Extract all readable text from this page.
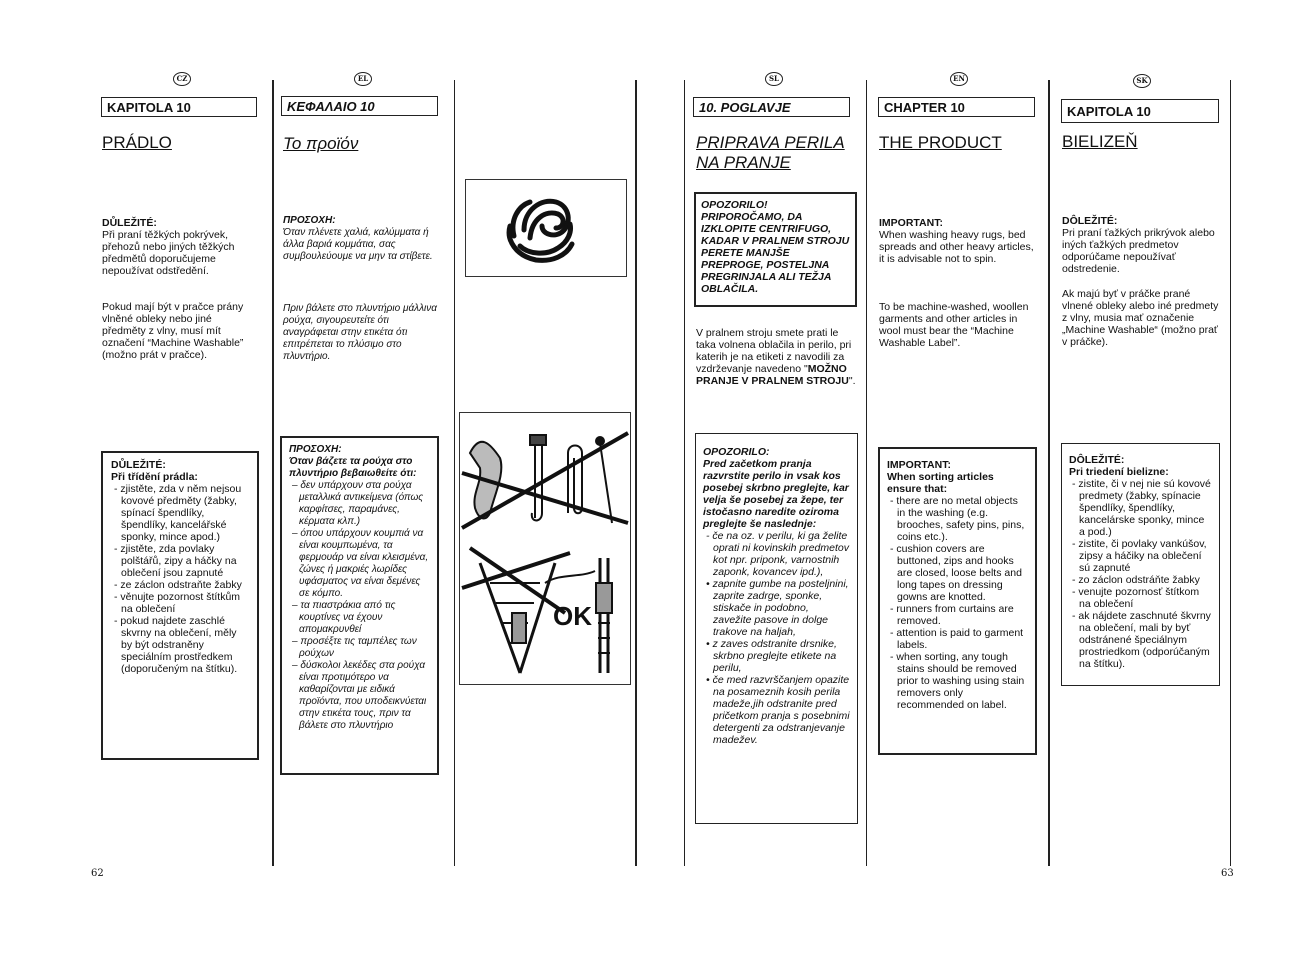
CZ
KAPITOLA 10
PRÁDLO
DŮLEŽITÉ:
Při praní těžkých pokrývek, přehozů nebo jiných těžkých předmětů doporučujeme nepoužívat odstředění.
Pokud mají být v pračce prány vlněné obleky nebo jiné předměty z vlny, musí mít označení “Machine Washable” (možno prát v pračce).
DŮLEŽITÉ:
Při třídění prádla:
- zjistěte, zda v něm nejsou kovové předměty (žabky, spínací špendlíky, špendlíky, kancelářské sponky, mince apod.)
- zjistěte, zda povlaky polštářů, zipy a háčky na oblečení jsou zapnuté
- ze záclon odstraňte žabky
- věnujte pozornost štítkům na oblečení
- pokud najdete zaschlé skvrny na oblečení, měly by být odstraněny speciálním prostředkem (doporučeným na štítku).
EL
ΚΕΦΑΛΑΙΟ 10
Το προϊόν
ΠΡΟΣΟΧΗ:
Όταν πλένετε χαλιά, καλύμματα ή άλλα βαριά κομμάτια, σας συμβουλεύουμε να μην τα στίβετε.
Πριν βάλετε στο πλυντήριο μάλλινα ρούχα, σιγουρευτείτε ότι αναγράφεται στην ετικέτα ότι επιτρέπεται το πλύσιμο στο πλυντήριο.
ΠΡΟΣΟΧΗ:
Όταν βάζετε τα ρούχα στο πλυντήριο βεβαιωθείτε ότι:
– δεν υπάρχουν στα ρούχα μεταλλικά αντικείμενα (όπως καρφίτσες, παραμάνες, κέρματα κλπ.)
– όπου υπάρχουν κουμπιά να είναι κουμπωμένα, τα φερμουάρ να είναι κλεισμένα, ζώνες ή μακριές λωρίδες υφάσματος να είναι δεμένες σε κόμπο.
– τα πιαστράκια από τις κουρτίνες να έχουν απομακρυνθεί
– προσέξτε τις ταμπέλες των ρούχων
– δύσκολοι λεκέδες στα ρούχα είναι προτιμότερο να καθαρίζονται με ειδικά προϊόντα, που υποδεικνύεται στην ετικέτα τους, πριν τα βάλετε στο πλυντήριο
OK
SL
10. POGLAVJE
PRIPRAVA PERILA
NA PRANJE
OPOZORILO! PRIPOROČAMO, DA IZKLOPITE CENTRIFUGO, KADAR V PRALNEM STROJU PERETE MANJŠE PREPROGE, POSTELJNA PREGRINJALA ALI TEŽJA OBLAČILA.
V pralnem stroju smete prati le taka volnena oblačila in perilo, pri katerih je na etiketi z navodili za vzdrževanje navedeno "MOŽNO PRANJE V PRALNEM STROJU".
OPOZORILO:
Pred začetkom pranja razvrstite perilo in vsak kos posebej skrbno preglejte, kar velja še posebej za žepe, ter istočasno naredite oziroma preglejte še naslednje:
- če na oz. v perilu, ki ga želite oprati ni kovinskih predmetov kot npr. priponk, varnostnih zaponk, kovancev ipd.),
• zapnite gumbe na posteljnini, zaprite zadrge, sponke, stiskače in podobno, zavežite pasove in dolge trakove na haljah,
• z zaves odstranite drsnike, skrbno preglejte etikete na perilu,
• če med razvrščanjem opazite na posameznih kosih perila madeže,jih odstranite pred pričetkom pranja s posebnimi detergenti za odstranjevanje madežev.
EN
CHAPTER 10
THE PRODUCT
IMPORTANT:
When washing heavy rugs, bed spreads and other heavy articles, it is advisable not to spin.
To be machine-washed, woollen garments and other articles in wool must bear the “Machine Washable Label”.
IMPORTANT:
When sorting articles ensure that:
- there are no metal objects in the washing (e.g. brooches, safety pins, pins, coins etc.).
- cushion covers are buttoned, zips and hooks are closed, loose belts and long tapes on dressing gowns are knotted.
- runners from curtains are removed.
- attention is paid to garment labels.
- when sorting, any tough stains should be removed prior to washing using stain removers only recommended on label.
SK
KAPITOLA 10
BIELIZEŇ
DÔLEŽITÉ:
Pri praní ťažkých prikrývok alebo iných ťažkých predmetov odporúčame nepoužívať odstredenie.
Ak majú byť v práčke prané vlnené obleky alebo iné predmety z vlny, musia mať označenie „Machine Washable“ (možno prať v práčke).
DÔLEŽITÉ:
Pri triedení bielizne:
- zistite, či v nej nie sú kovové predmety (žabky, spínacie špendlíky, špendlíky, kancelárske sponky, mince a pod.)
- zistite, či povlaky vankúšov, zipsy a háčiky na oblečení sú zapnuté
- zo záclon odstráňte žabky
- venujte pozornosť štítkom na oblečení
- ak nájdete zaschnuté škvrny na oblečení, mali by byť odstránené špeciálnym prostriedkom (odporúčaným na štítku).
62	63
